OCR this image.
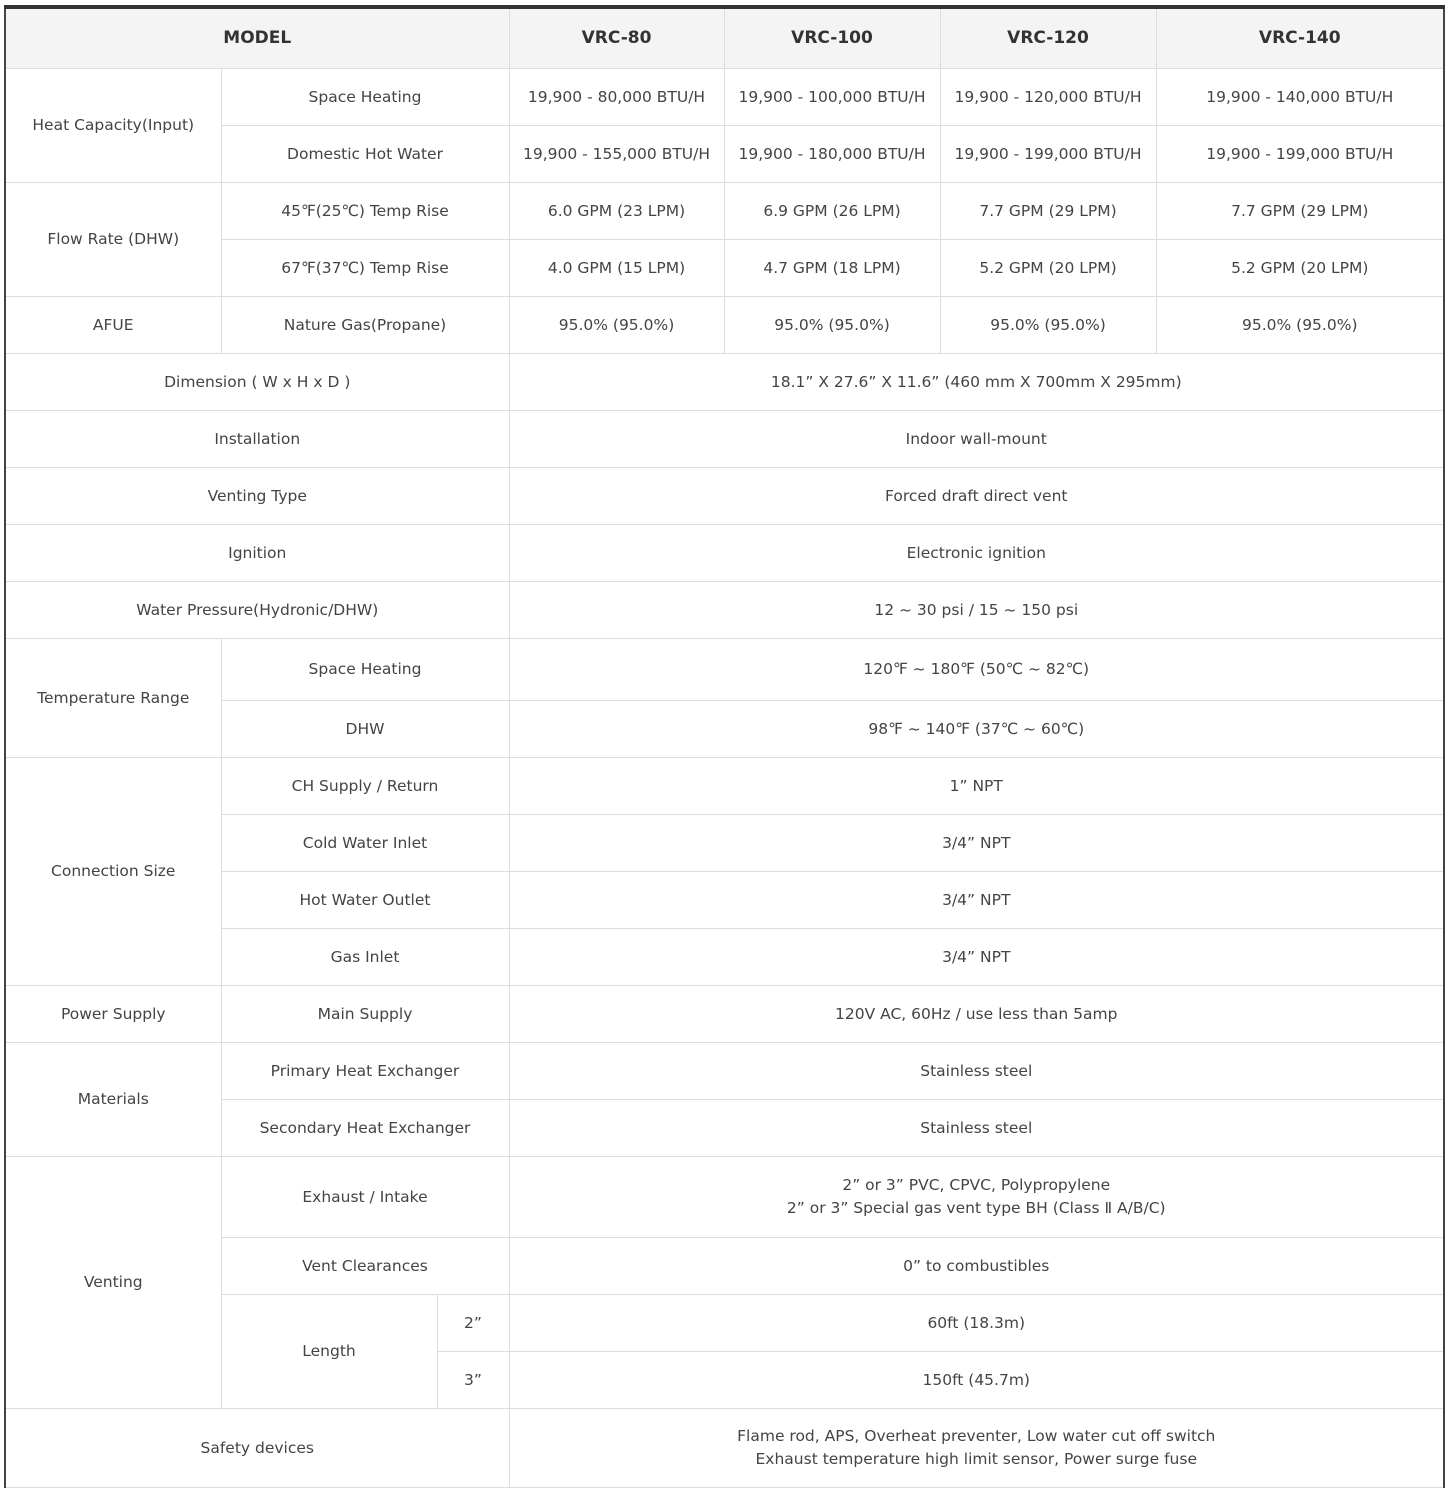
MODEL			VRC-80	VRC-100	VRC-120	VRC-140
Heat Capacity(Input)	Space Heating		19,900 - 80,000 BTU/H	19,900 - 100,000 BTU/H	19,900 - 120,000 BTU/H	19,900 - 140,000 BTU/H
	Domestic Hot Water		19,900 - 155,000 BTU/H	19,900 - 180,000 BTU/H	19,900 - 199,000 BTU/H	19,900 - 199,000 BTU/H
Flow Rate (DHW)	45℉(25℃) Temp Rise		6.0 GPM (23 LPM)	6.9 GPM (26 LPM)	7.7 GPM (29 LPM)	7.7 GPM (29 LPM)
	67℉(37℃) Temp Rise		4.0 GPM (15 LPM)	4.7 GPM (18 LPM)	5.2 GPM (20 LPM)	5.2 GPM (20 LPM)
AFUE	Nature Gas(Propane)		95.0% (95.0%)	95.0% (95.0%)	95.0% (95.0%)	95.0% (95.0%)
Dimension ( W x H x D )			18.1” X 27.6” X 11.6” (460 mm X 700mm X 295mm)			
Installation			Indoor wall-mount			
Venting Type			Forced draft direct vent			
Ignition			Electronic ignition			
Water Pressure(Hydronic/DHW)			12 ~ 30 psi / 15 ~ 150 psi			
Temperature Range	Space Heating		120℉ ~ 180℉ (50℃ ~ 82℃)			
	DHW		98℉ ~ 140℉ (37℃ ~ 60℃)			
Connection Size	CH Supply / Return		1” NPT			
	Cold Water Inlet		3/4” NPT			
	Hot Water Outlet		3/4” NPT			
	Gas Inlet		3/4” NPT			
Power Supply	Main Supply		120V AC, 60Hz / use less than 5amp			
Materials	Primary Heat Exchanger		Stainless steel			
	Secondary Heat Exchanger		Stainless steel			
Venting	Exhaust / Intake		2” or 3” PVC, CPVC, Polypropylene
2” or 3” Special gas vent type BH (Class Ⅱ A/B/C)			

	Vent Clearances		0” to combustibles			
	Length	2”	60ft (18.3m)			
		3”	150ft (45.7m)			
Safety devices			Flame rod, APS, Overheat preventer, Low water cut off switch
Exhaust temperature high limit sensor, Power surge fuse			
